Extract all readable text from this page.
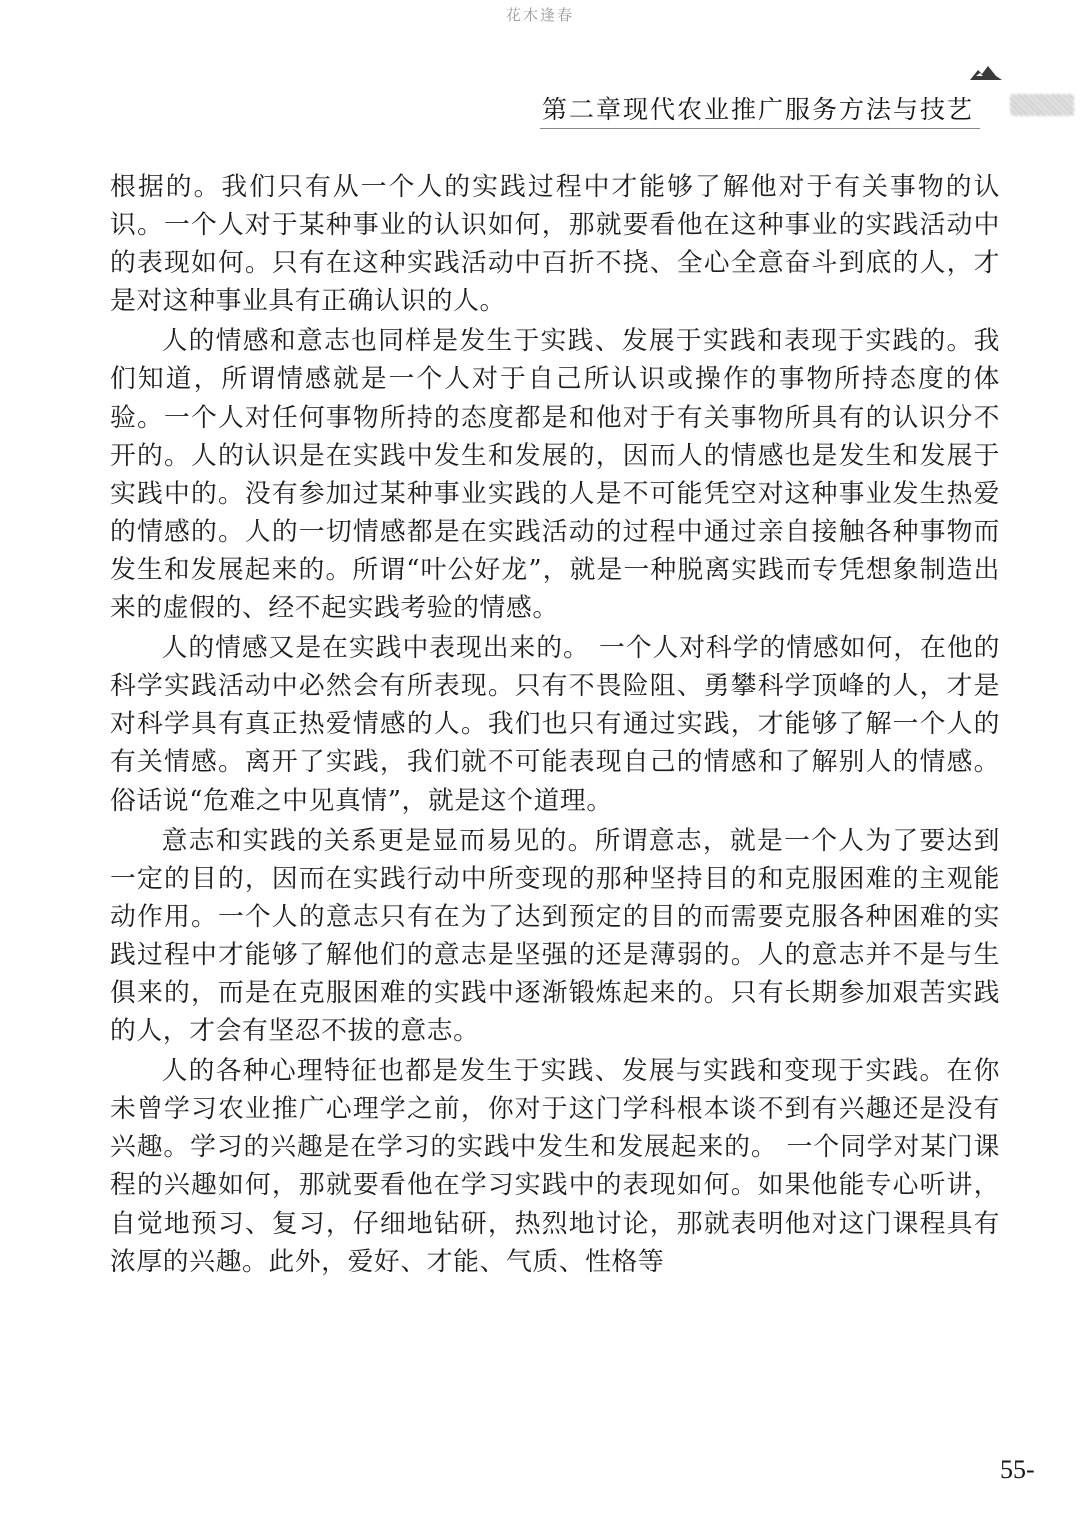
花木逢春
第二章现代农业推广服务方法与技艺

根据的。我们只有从一个人的实践过程中才能够了解他对于有关事物的认识。一个人对于某种事业的认识如何，那就要看他在这种事业的实践活动中的表现如何。只有在这种实践活动中百折不挠、全心全意奋斗到底的人，才是对这种事业具有正确认识的人。

人的情感和意志也同样是发生于实践、发展于实践和表现于实践的。我们知道，所谓情感就是一个人对于自己所认识或操作的事物所持态度的体验。一个人对任何事物所持的态度都是和他对于有关事物所具有的认识分不开的。人的认识是在实践中发生和发展的，因而人的情感也是发生和发展于实践中的。没有参加过某种事业实践的人是不可能凭空对这种事业发生热爱的情感的。人的一切情感都是在实践活动的过程中通过亲自接触各种事物而发生和发展起来的。所谓“叶公好龙”，就是一种脱离实践而专凭想象制造出来的虚假的、经不起实践考验的情感。

人的情感又是在实践中表现出来的。 一个人对科学的情感如何，在他的科学实践活动中必然会有所表现。只有不畏险阻、勇攀科学顶峰的人，才是对科学具有真正热爱情感的人。我们也只有通过实践，才能够了解一个人的有关情感。离开了实践，我们就不可能表现自己的情感和了解别人的情感。俗话说“危难之中见真情”，就是这个道理。

意志和实践的关系更是显而易见的。所谓意志，就是一个人为了要达到一定的目的，因而在实践行动中所变现的那种坚持目的和克服困难的主观能动作用。一个人的意志只有在为了达到预定的目的而需要克服各种困难的实践过程中才能够了解他们的意志是坚强的还是薄弱的。人的意志并不是与生俱来的，而是在克服困难的实践中逐渐锻炼起来的。只有长期参加艰苦实践的人，才会有坚忍不拔的意志。

人的各种心理特征也都是发生于实践、发展与实践和变现于实践。在你未曾学习农业推广心理学之前，你对于这门学科根本谈不到有兴趣还是没有兴趣。学习的兴趣是在学习的实践中发生和发展起来的。 一个同学对某门课程的兴趣如何，那就要看他在学习实践中的表现如何。如果他能专心听讲，自觉地预习、复习，仔细地钻研，热烈地讨论，那就表明他对这门课程具有浓厚的兴趣。此外，爱好、才能、气质、性格等

55-
